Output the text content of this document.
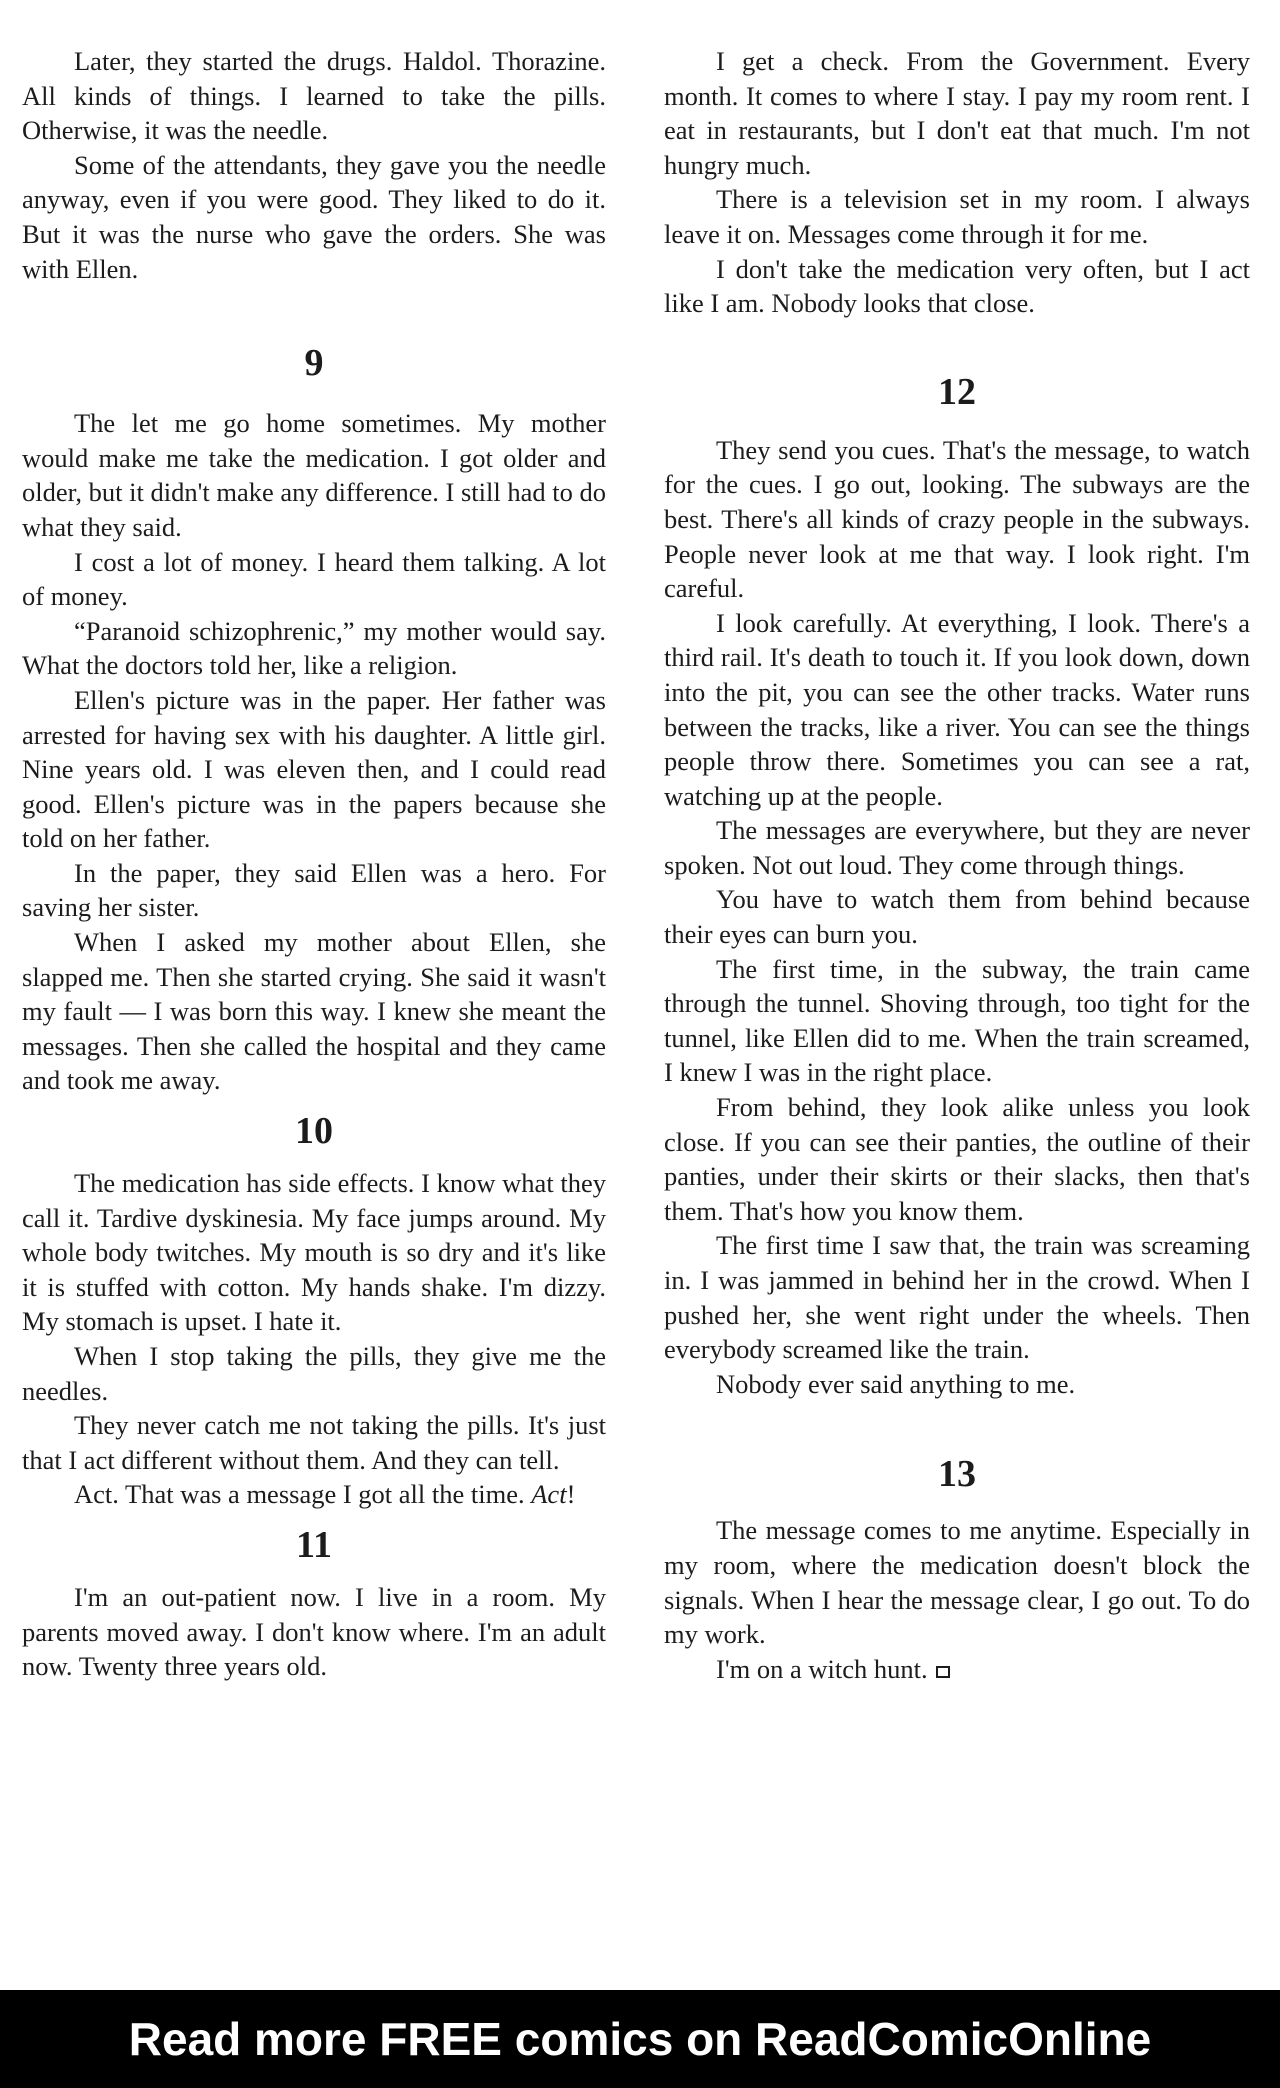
Later, they started the drugs. Haldol. Thorazine. All kinds of things. I learned to take the pills. Otherwise, it was the needle.

Some of the attendants, they gave you the needle anyway, even if you were good. They liked to do it. But it was the nurse who gave the orders. She was with Ellen.

9

The let me go home sometimes. My mother would make me take the medication. I got older and older, but it didn't make any difference. I still had to do what they said.

I cost a lot of money. I heard them talking. A lot of money.

“Paranoid schizophrenic,” my mother would say. What the doctors told her, like a religion.

Ellen's picture was in the paper. Her father was arrested for having sex with his daughter. A little girl. Nine years old. I was eleven then, and I could read good. Ellen's picture was in the papers because she told on her father.

In the paper, they said Ellen was a hero. For saving her sister.

When I asked my mother about Ellen, she slapped me. Then she started crying. She said it wasn't my fault — I was born this way. I knew she meant the messages. Then she called the hospital and they came and took me away.

10

The medication has side effects. I know what they call it. Tardive dyskinesia. My face jumps around. My whole body twitches. My mouth is so dry and it's like it is stuffed with cotton. My hands shake. I'm dizzy. My stomach is upset. I hate it.

When I stop taking the pills, they give me the needles.

They never catch me not taking the pills. It's just that I act different without them. And they can tell.

Act. That was a message I got all the time. Act!

11

I'm an out-patient now. I live in a room. My parents moved away. I don't know where. I'm an adult now. Twenty three years old.

I get a check. From the Government. Every month. It comes to where I stay. I pay my room rent. I eat in restaurants, but I don't eat that much. I'm not hungry much.

There is a television set in my room. I always leave it on. Messages come through it for me.

I don't take the medication very often, but I act like I am. Nobody looks that close.

12

They send you cues. That's the message, to watch for the cues. I go out, looking. The subways are the best. There's all kinds of crazy people in the subways. People never look at me that way. I look right. I'm careful.

I look carefully. At everything, I look. There's a third rail. It's death to touch it. If you look down, down into the pit, you can see the other tracks. Water runs between the tracks, like a river. You can see the things people throw there. Sometimes you can see a rat, watching up at the people.

The messages are everywhere, but they are never spoken. Not out loud. They come through things.

You have to watch them from behind because their eyes can burn you.

The first time, in the subway, the train came through the tunnel. Shoving through, too tight for the tunnel, like Ellen did to me. When the train screamed, I knew I was in the right place.

From behind, they look alike unless you look close. If you can see their panties, the outline of their panties, under their skirts or their slacks, then that's them. That's how you know them.

The first time I saw that, the train was screaming in. I was jammed in behind her in the crowd. When I pushed her, she went right under the wheels. Then everybody screamed like the train.

Nobody ever said anything to me.

13

The message comes to me anytime. Especially in my room, where the medication doesn't block the signals. When I hear the message clear, I go out. To do my work.

I'm on a witch hunt.

Read more FREE comics on ReadComicOnline
